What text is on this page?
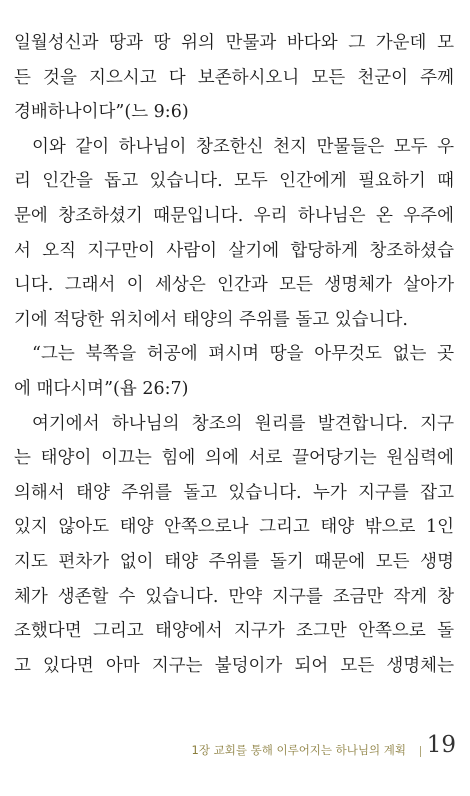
일월성신과 땅과 땅 위의 만물과 바다와 그 가운데 모
든 것을 지으시고 다 보존하시오니 모든 천군이 주께
경배하나이다”(느 9:6)
이와 같이 하나님이 창조한신 천지 만물들은 모두 우
리 인간을 돕고 있습니다. 모두 인간에게 필요하기 때
문에 창조하셨기 때문입니다. 우리 하나님은 온 우주에
서 오직 지구만이 사람이 살기에 합당하게 창조하셨습
니다. 그래서 이 세상은 인간과 모든 생명체가 살아가
기에 적당한 위치에서 태양의 주위를 돌고 있습니다.
“그는 북쪽을 허공에 펴시며 땅을 아무것도 없는 곳
에 매다시며”(욥 26:7)
여기에서 하나님의 창조의 원리를 발견합니다. 지구
는 태양이 이끄는 힘에 의에 서로 끌어당기는 원심력에
의해서 태양 주위를 돌고 있습니다. 누가 지구를 잡고
있지 않아도 태양 안쪽으로나 그리고 태양 밖으로 1인
지도 편차가 없이 태양 주위를 돌기 때문에 모든 생명
체가 생존할 수 있습니다. 만약 지구를 조금만 작게 창
조했다면 그리고 태양에서 지구가 조그만 안쪽으로 돌
고 있다면 아마 지구는 불덩이가 되어 모든 생명체는
1장 교회를 통해 이루어지는 하나님의 계획 19
